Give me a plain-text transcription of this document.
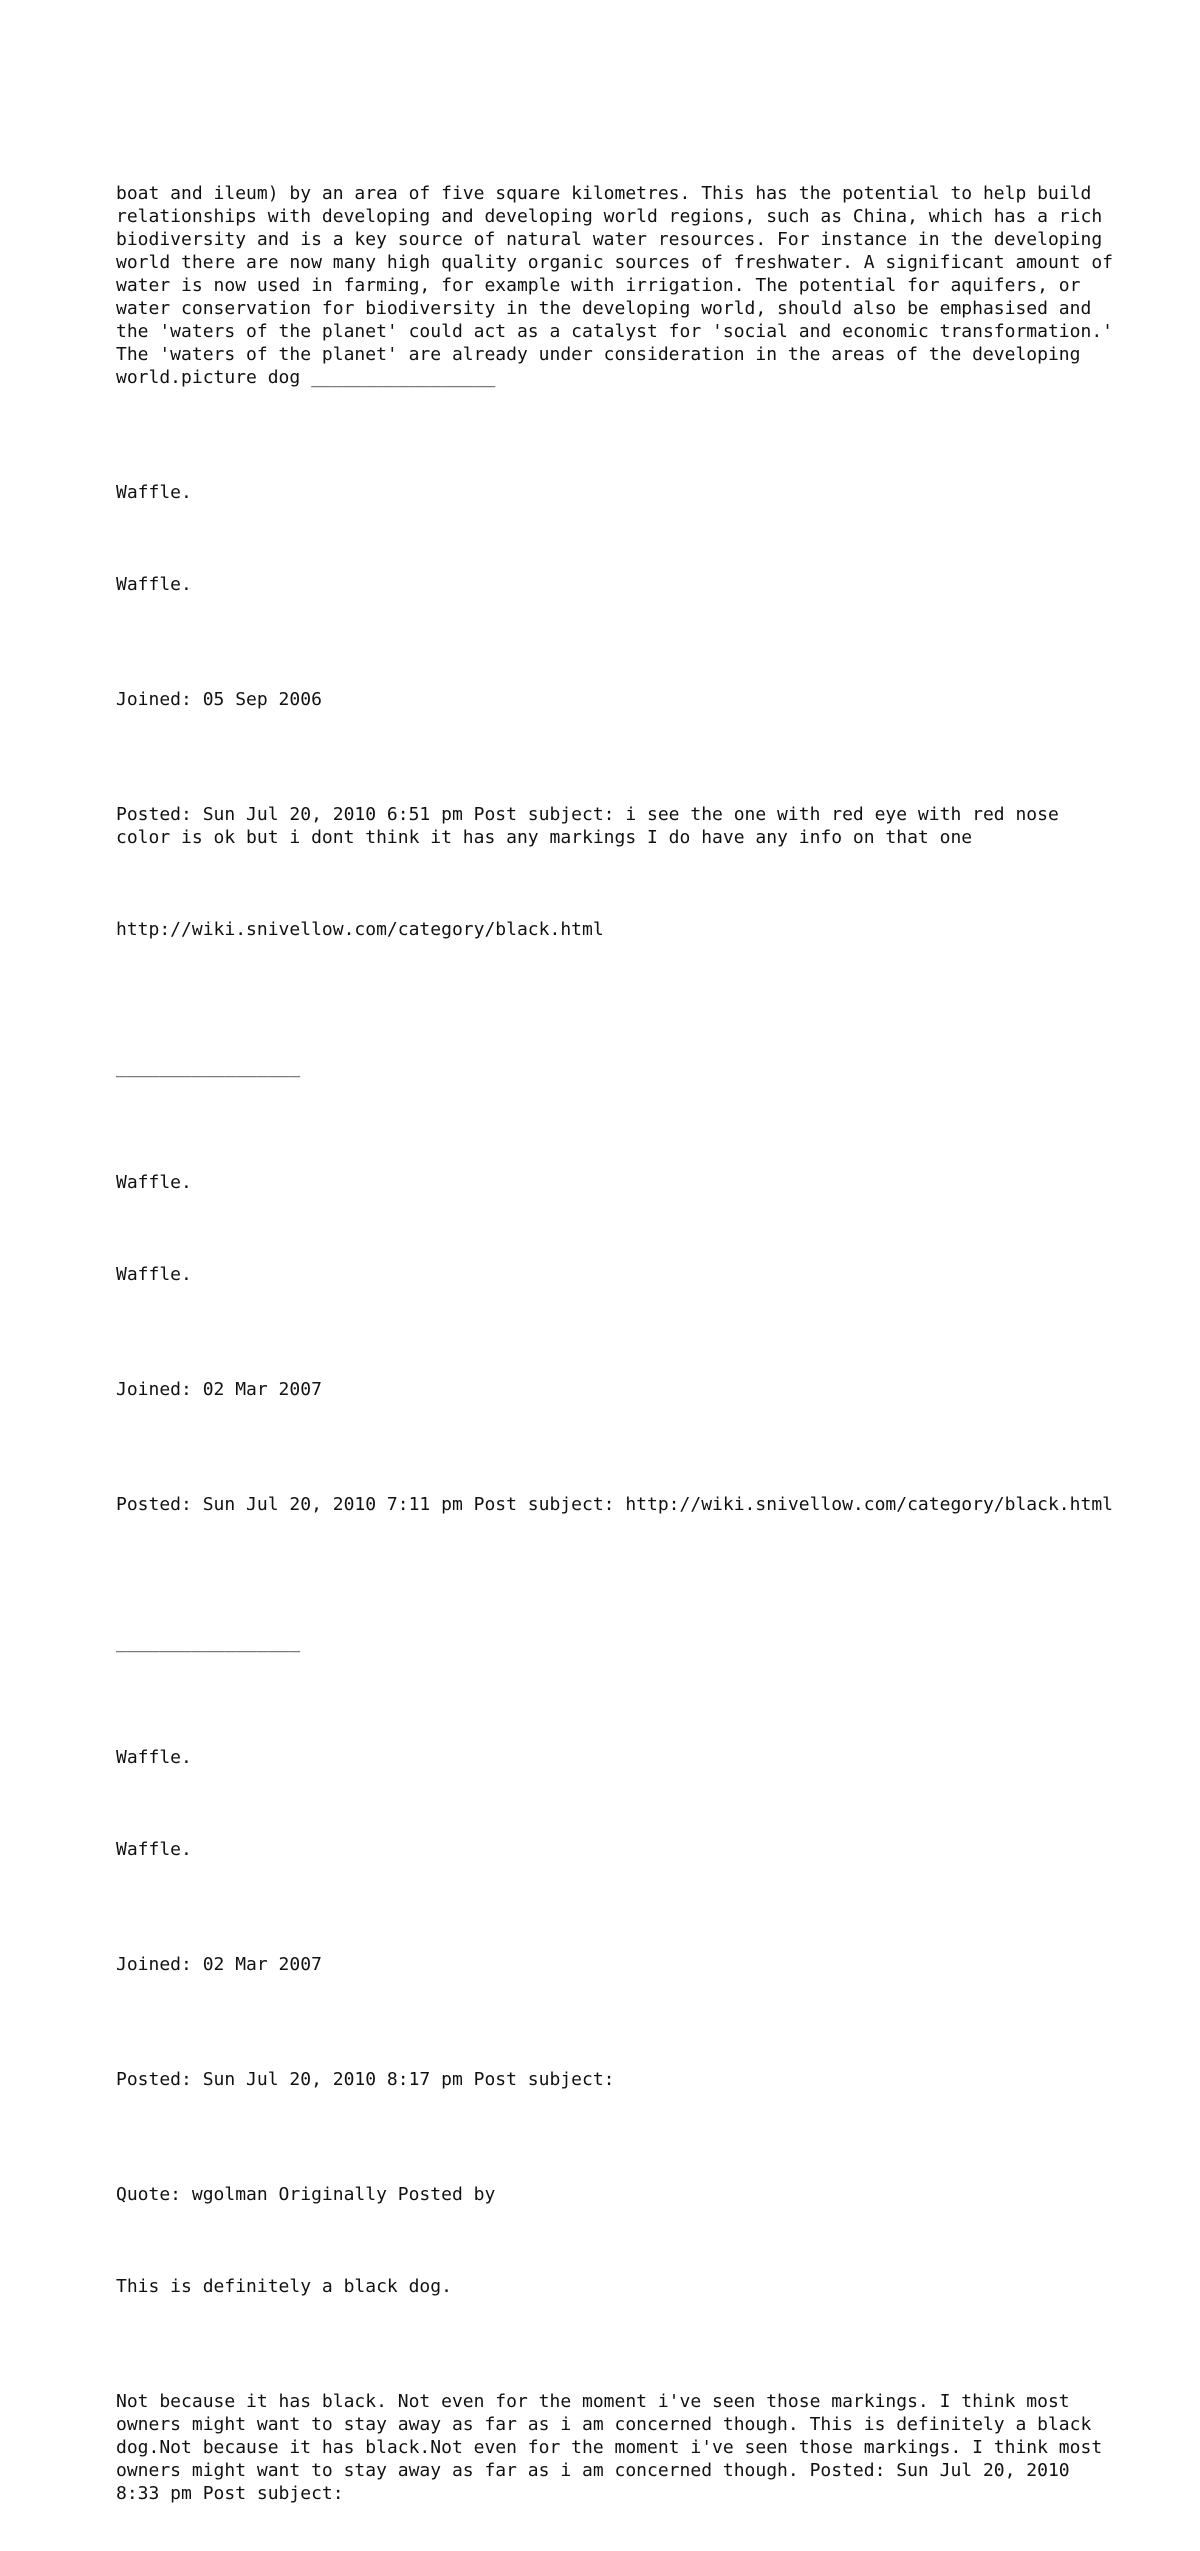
boat and ileum) by an area of five square kilometres. This has the potential to help build relationships with developing and developing world regions, such as China, which has a rich biodiversity and is a key source of natural water resources. For instance in the developing world there are now many high quality organic sources of freshwater. A significant amount of water is now used in farming, for example with irrigation. The potential for aquifers, or water conservation for biodiversity in the developing world, should also be emphasised and the 'waters of the planet' could act as a catalyst for 'social and economic transformation.' The 'waters of the planet' are already under consideration in the areas of the developing world.picture dog _________________

Waffle.

Waffle.

Joined: 05 Sep 2006

Posted: Sun Jul 20, 2010 6:51 pm Post subject: i see the one with red eye with red nose color is ok but i dont think it has any markings I do have any info on that one

http://wiki.snivellow.com/category/black.html

_________________

Waffle.

Waffle.

Joined: 02 Mar 2007

Posted: Sun Jul 20, 2010 7:11 pm Post subject: http://wiki.snivellow.com/category/black.html

_________________

Waffle.

Waffle.

Joined: 02 Mar 2007

Posted: Sun Jul 20, 2010 8:17 pm Post subject:

Quote: wgolman Originally Posted by

This is definitely a black dog.

Not because it has black. Not even for the moment i've seen those markings. I think most owners might want to stay away as far as i am concerned though. This is definitely a black dog.Not because it has black.Not even for the moment i've seen those markings. I think most owners might want to stay away as far as i am concerned though. Posted: Sun Jul 20, 2010 8:33 pm Post subject:
